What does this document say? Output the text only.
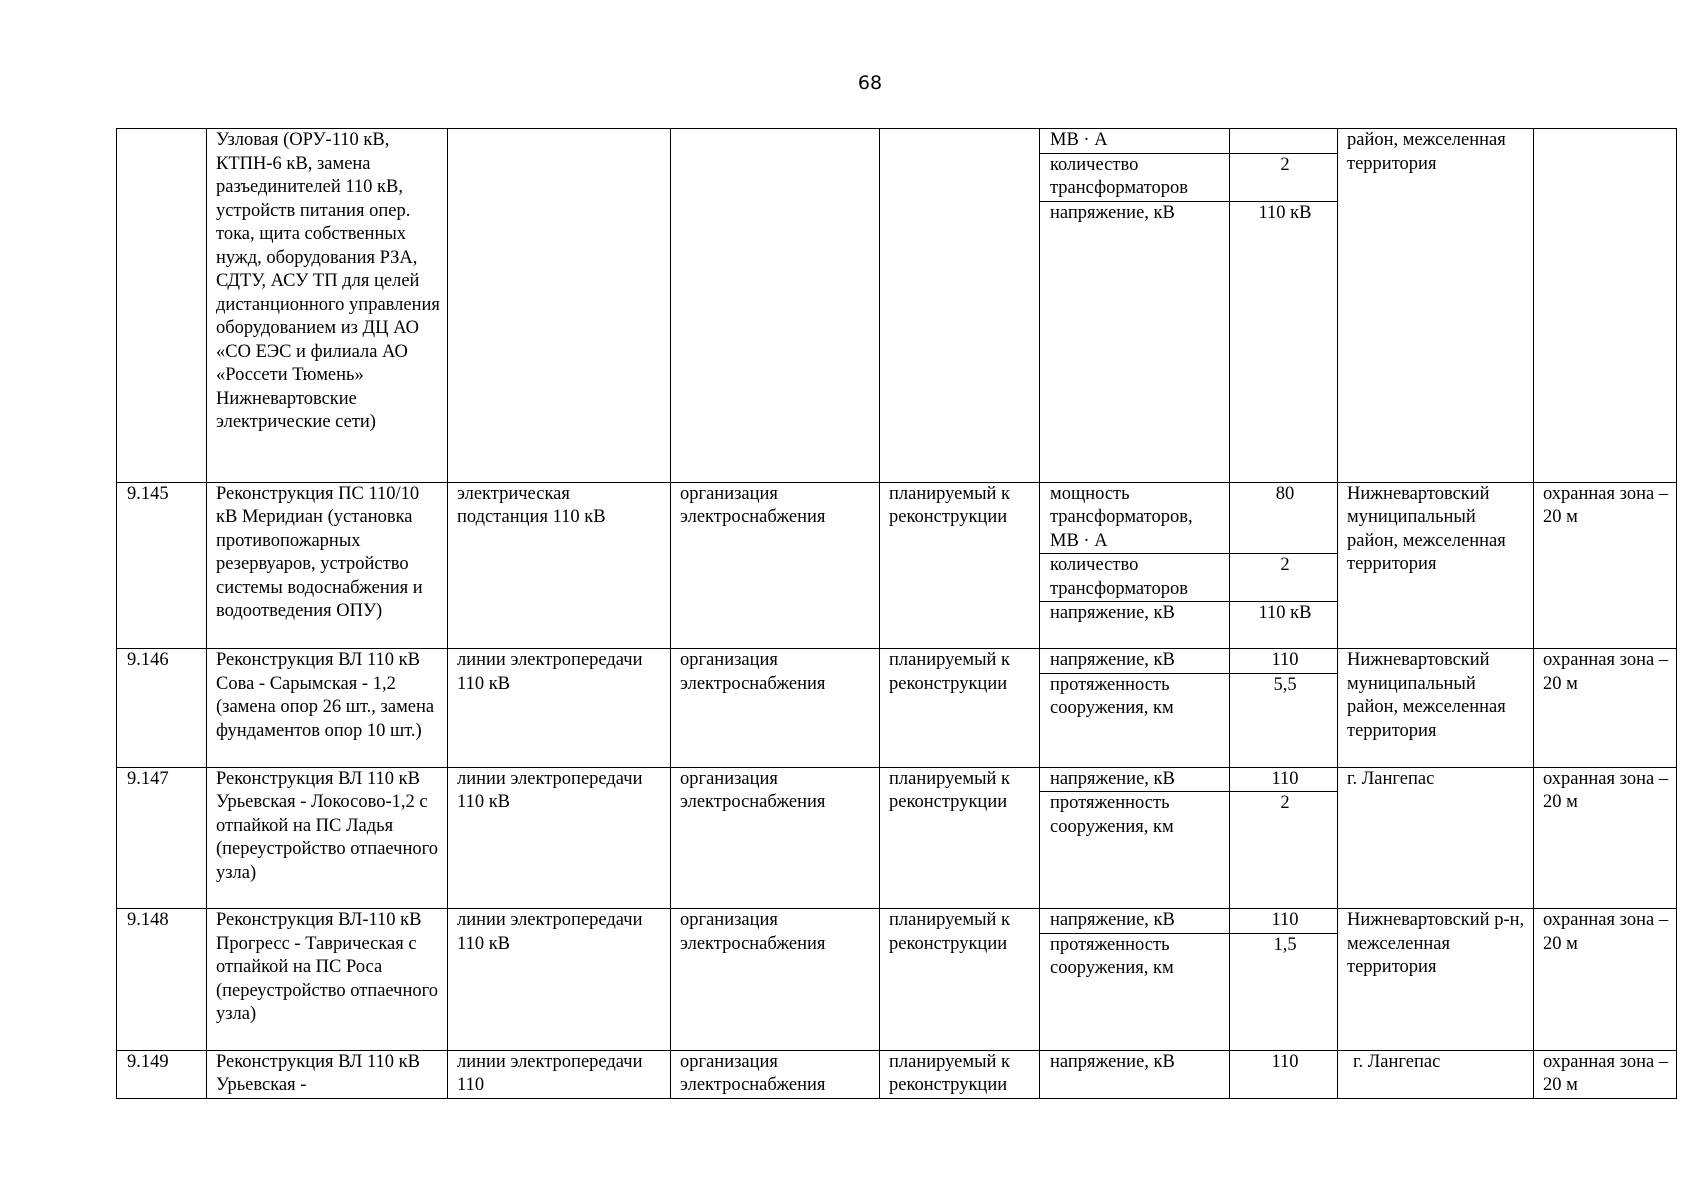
68
	Узловая (ОРУ-110 кВ, КТПН-6 кВ, замена разъединителей 110 кВ, устройств питания опер. тока, щита собственных нужд, оборудования РЗА, СДТУ, АСУ ТП для целей дистанционного управления оборудованием из ДЦ АО «СО ЕЭС и филиала АО «Россети Тюмень» Нижневартовские электрические сети)				МВ · А		район, межселенная территория	
					количество трансформаторов	2		
					напряжение, кВ	110 кВ		
9.145	Реконструкция ПС 110/10 кВ Меридиан (установка противопожарных резервуаров, устройство системы водоснабжения и водоотведения ОПУ)	электрическая подстанция 110 кВ	организация электроснабжения	планируемый к реконструкции	мощность трансформаторов, МВ · А	80	Нижневартовский муниципальный район, межселенная территория	охранная зона – 20 м
					количество трансформаторов	2		
					напряжение, кВ	110 кВ		
9.146	Реконструкция ВЛ 110 кВ Сова - Сарымская - 1,2 (замена опор 26 шт., замена фундаментов опор 10 шт.)	линии электропередачи 110 кВ	организация электроснабжения	планируемый к реконструкции	напряжение, кВ	110	Нижневартовский муниципальный район, межселенная территория	охранная зона – 20 м
					протяженность сооружения, км	5,5		
9.147	Реконструкция ВЛ 110 кВ Урьевская - Локосово-1,2 с отпайкой на ПС Ладья (переустройство отпаечного узла)	линии электропередачи 110 кВ	организация электроснабжения	планируемый к реконструкции	напряжение, кВ	110	г. Лангепас	охранная зона – 20 м
					протяженность сооружения, км	2		
9.148	Реконструкция ВЛ-110 кВ Прогресс - Таврическая с отпайкой на ПС Роса (переустройство отпаечного узла)	линии электропередачи 110 кВ	организация электроснабжения	планируемый к реконструкции	напряжение, кВ	110	Нижневартовский р-н, межселенная территория	охранная зона – 20 м
					протяженность сооружения, км	1,5		
9.149	Реконструкция ВЛ 110 кВ Урьевская -	линии электропередачи 110	организация электроснабжения	планируемый к реконструкции	напряжение, кВ	110	г. Лангепас	охранная зона – 20 м
